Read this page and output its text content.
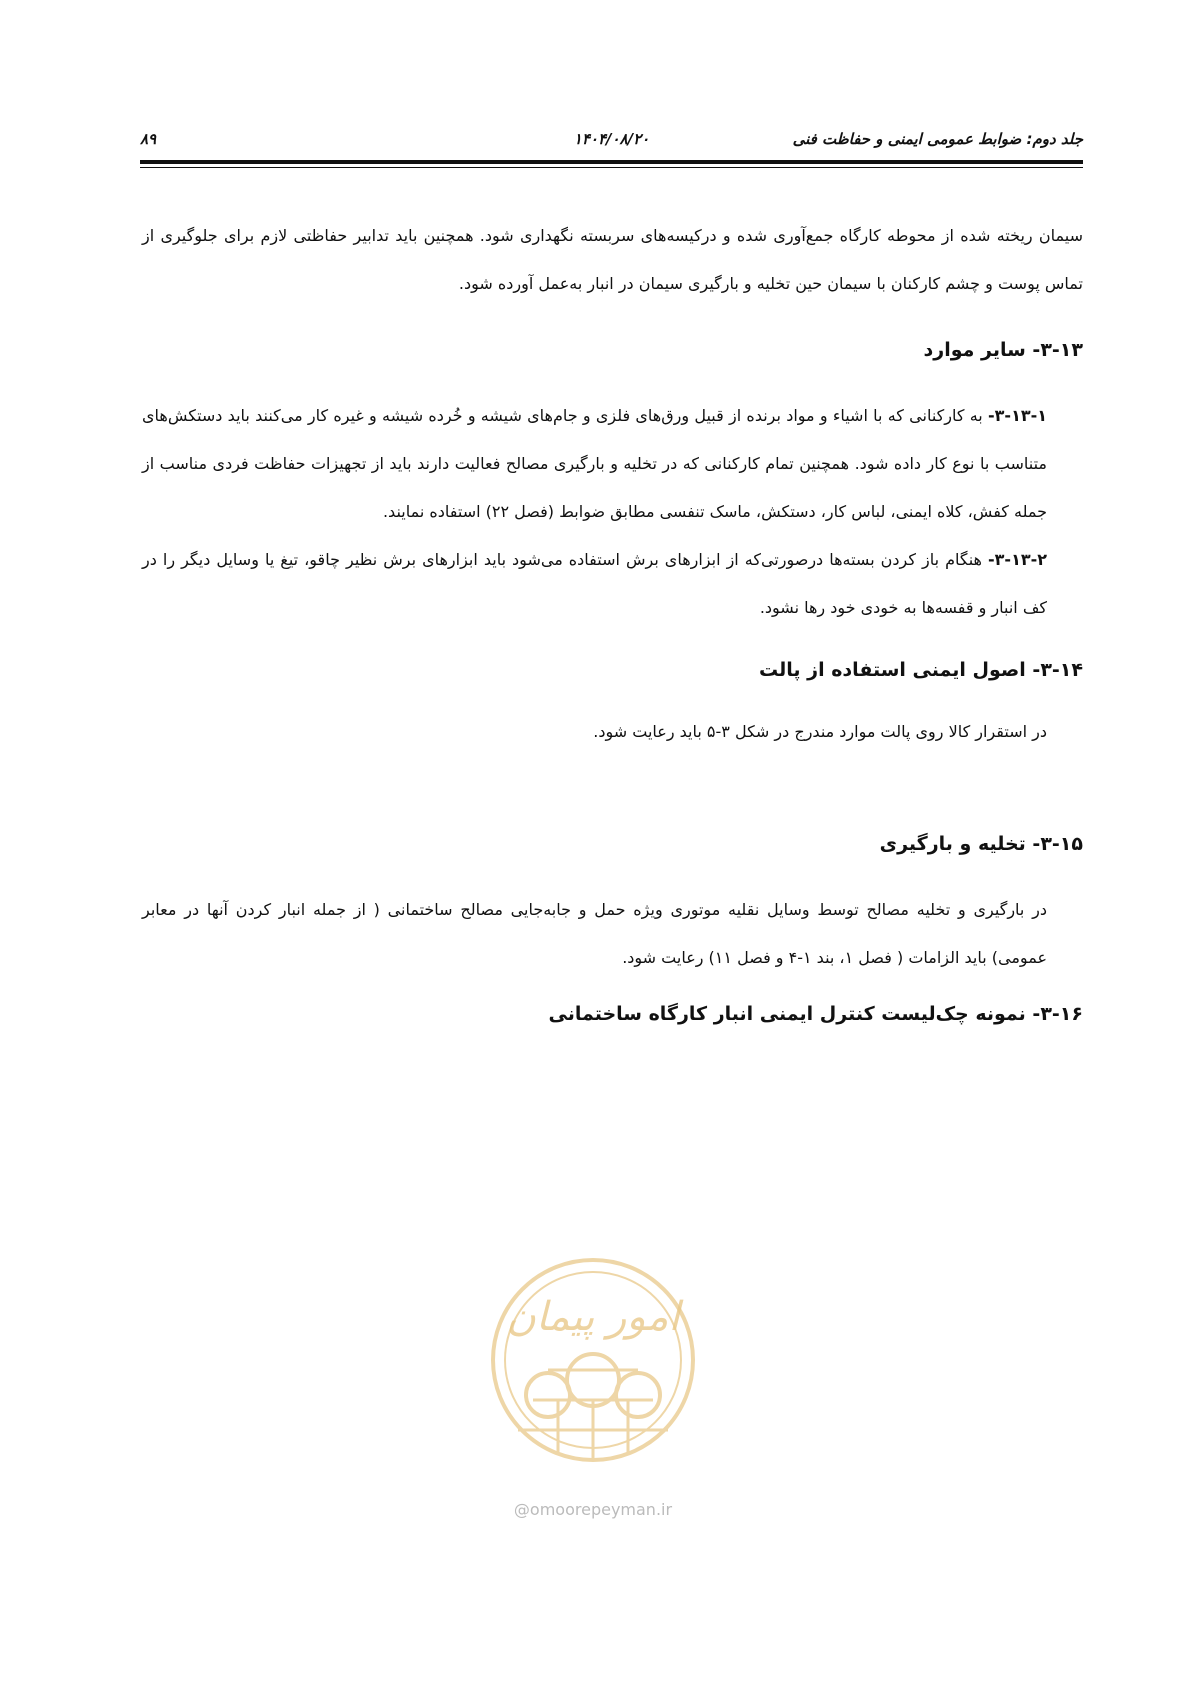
جلد دوم: ضوابط عمومی ایمنی و حفاظت فنی
۱۴۰۴/۰۸/۲۰
۸۹

سیمان ریخته شده از محوطه کارگاه جمع‌آوری شده و درکیسه‌های سربسته نگهداری شود. همچنین باید تدابیر حفاظتی لازم برای جلوگیری از تماس پوست و چشم کارکنان با سیمان حین تخلیه و بارگیری سیمان در انبار به‌عمل آورده شود.

۳-۱۳- سایر موارد

۳-۱۳-۱- به کارکنانی که با اشیاء و مواد برنده از قبیل ورق‌های فلزی و جام‌های شیشه و خُرده شیشه و غیره کار می‌کنند باید دستکش‌های متناسب با نوع کار داده شود. همچنین تمام کارکنانی که در تخلیه و بارگیری مصالح فعالیت دارند باید از تجهیزات حفاظت فردی مناسب از جمله کفش، کلاه ایمنی، لباس کار، دستکش، ماسک تنفسی مطابق ضوابط (فصل ۲۲) استفاده نمایند.

۳-۱۳-۲- هنگام باز کردن بسته‌ها درصورتی‌که از ابزارهای برش استفاده می‌شود باید ابزارهای برش نظیر چاقو، تیغ یا وسایل دیگر را در کف انبار و قفسه‌ها به خودی خود رها نشود.

۳-۱۴- اصول ایمنی استفاده از پالت

در استقرار کالا روی پالت موارد مندرج در شکل ۳-۵ باید رعایت شود.

۳-۱۵- تخلیه و بارگیری

در بارگیری و تخلیه مصالح توسط وسایل نقلیه موتوری ویژه حمل و جابه‌جایی مصالح ساختمانی ( از جمله انبار کردن آنها در معابر عمومی) باید الزامات ( فصل ۱، بند ۱-۴ و فصل ۱۱) رعایت شود.

۳-۱۶- نمونه چک‌لیست کنترل ایمنی انبار کارگاه ساختمانی
امور پیمان
@omoorepeyman.ir
